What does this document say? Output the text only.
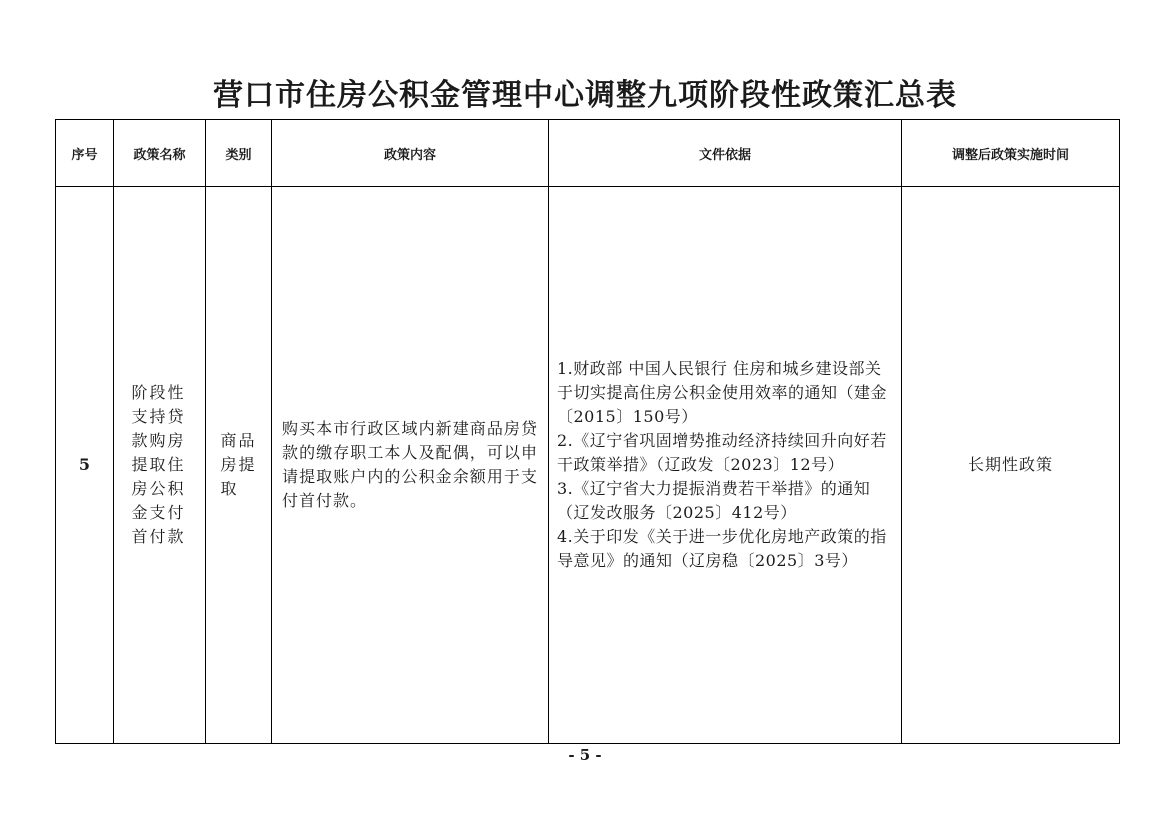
营口市住房公积金管理中心调整九项阶段性政策汇总表
序号	政策名称	类别	政策内容	文件依据	调整后政策实施时间
5	阶段性支持贷款购房提取住房公积金支付首付款	商品房提取	购买本市行政区域内新建商品房贷款的缴存职工本人及配偶，可以申请提取账户内的公积金余额用于支付首付款。	1.财政部 中国人民银行 住房和城乡建设部关于切实提高住房公积金使用效率的通知（建金〔2015〕150号）
2.《辽宁省巩固增势推动经济持续回升向好若干政策举措》（辽政发〔2023〕12号）
3.《辽宁省大力提振消费若干举措》的通知（辽发改服务〔2025〕412号）
4.关于印发《关于进一步优化房地产政策的指导意见》的通知（辽房稳〔2025〕3号）	长期性政策
- 5 -
